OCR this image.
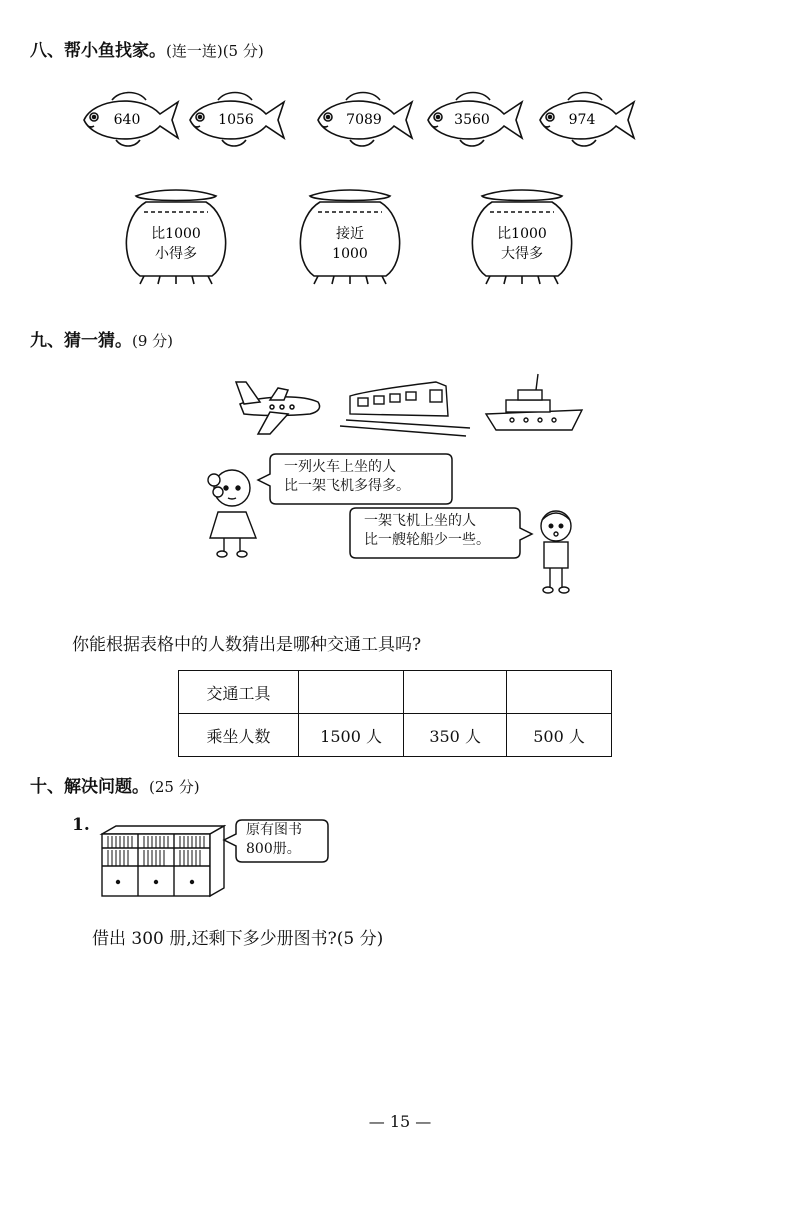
八、帮小鱼找家。(连一连)(5 分)
640	1056	7089	3560	974
比1000
小得多
接近
1000
比1000
大得多
九、猜一猜。(9 分)
一列火车上坐的人
比一架飞机多得多。
一架飞机上坐的人
比一艘轮船少一些。
你能根据表格中的人数猜出是哪种交通工具吗?
交通工具			
乘坐人数	1500 人	350 人	500 人
十、解决问题。(25 分)
1.	原有图书
800册。
借出 300 册,还剩下多少册图书?(5 分)
— 15 —
